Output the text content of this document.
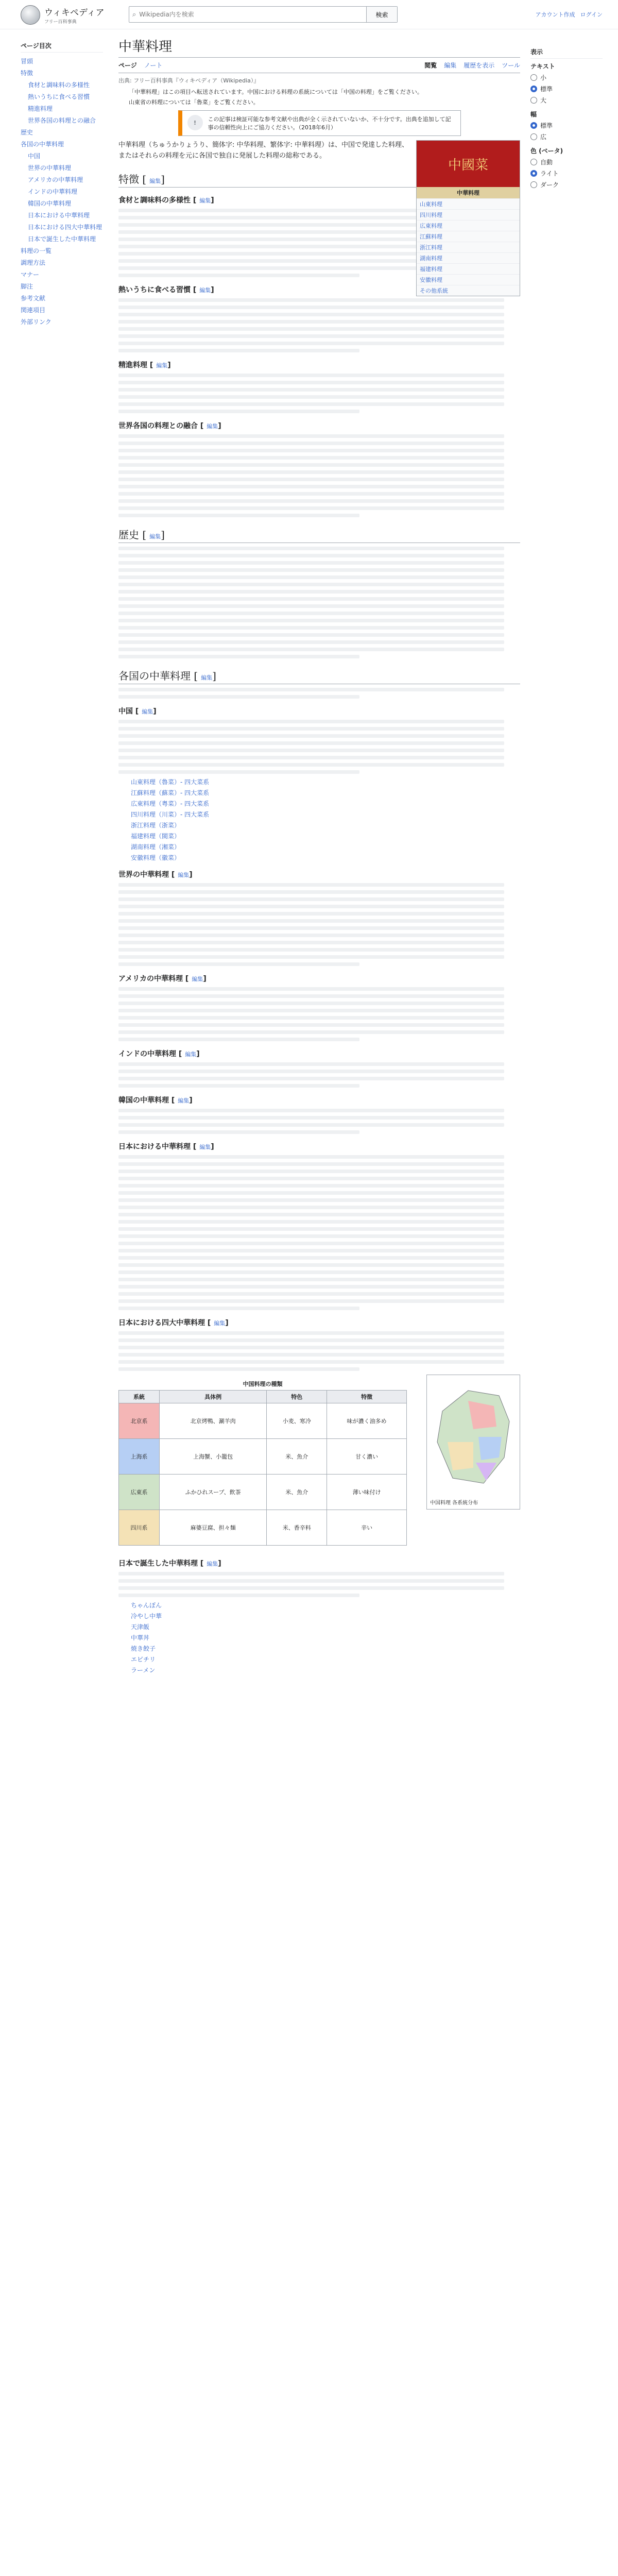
ウィキペディア
フリー百科事典
⌕
Wikipedia内を検索	検索	アカウント作成 ログイン
ページ目次
冒頭
特徴
食材と調味料の多様性
熱いうちに食べる習慣
精進料理
世界各国の料理との融合
歴史
各国の中華料理
中国
世界の中華料理
アメリカの中華料理
インドの中華料理
韓国の中華料理
日本における中華料理
日本における四大中華料理
日本で誕生した中華料理
料理の一覧
調理方法
マナー
脚注
参考文献
関連項目
外部リンク
表示
テキスト
小
標準
大
幅
標準
広
色 (ベータ)
自動
ライト
ダーク
中華料理
ページ ノート	閲覧 編集 履歴を表示 ツール
出典: フリー百科事典『ウィキペディア（Wikipedia）』
「中華料理」はこの項目へ転送されています。中国における料理の系統については「中国の料理」をご覧ください。
山東省の料理については「魯菜」をご覧ください。
!	この記事は検証可能な参考文献や出典が全く示されていないか、不十分です。出典を追加して記事の信頼性向上にご協力ください。（2018年6月）
中國菜
中華料理
山東料理
四川料理
広東料理
江蘇料理
浙江料理
湖南料理
福建料理
安徽料理
その他系統

中華料理（ちゅうかりょうり、簡体字: 中华料理、繁体字: 中華料理）は、中国で発達した料理、またはそれらの料理を元に各国で独自に発展した料理の総称である。

特徴 [ 編集]
食材と調味料の多様性 [ 編集]
熱いうちに食べる習慣 [ 編集]
精進料理 [ 編集]
世界各国の料理との融合 [ 編集]
歴史 [ 編集]
各国の中華料理 [ 編集]
中国 [ 編集]
山東料理（魯菜）- 四大菜系
江蘇料理（蘇菜）- 四大菜系
広東料理（粤菜）- 四大菜系
四川料理（川菜）- 四大菜系
浙江料理（浙菜）
福建料理（閩菜）
湖南料理（湘菜）
安徽料理（徽菜）
世界の中華料理 [ 編集]
アメリカの中華料理 [ 編集]
インドの中華料理 [ 編集]
韓国の中華料理 [ 編集]
日本における中華料理 [ 編集]
日本における四大中華料理 [ 編集]
中国料理 各系統分布
中国料理の種類
系統	具体例	特色	特徴
北京系	北京烤鴨、涮羊肉	小麦、寒冷	味が濃く油多め
上海系	上海蟹、小籠包	米、魚介	甘く濃い
広東系	ふかひれスープ、飲茶	米、魚介	薄い味付け
四川系	麻婆豆腐、担々麺	米、香辛料	辛い
日本で誕生した中華料理 [ 編集]
ちゃんぽん
冷やし中華
天津飯
中華丼
焼き餃子
エビチリ
ラーメン
